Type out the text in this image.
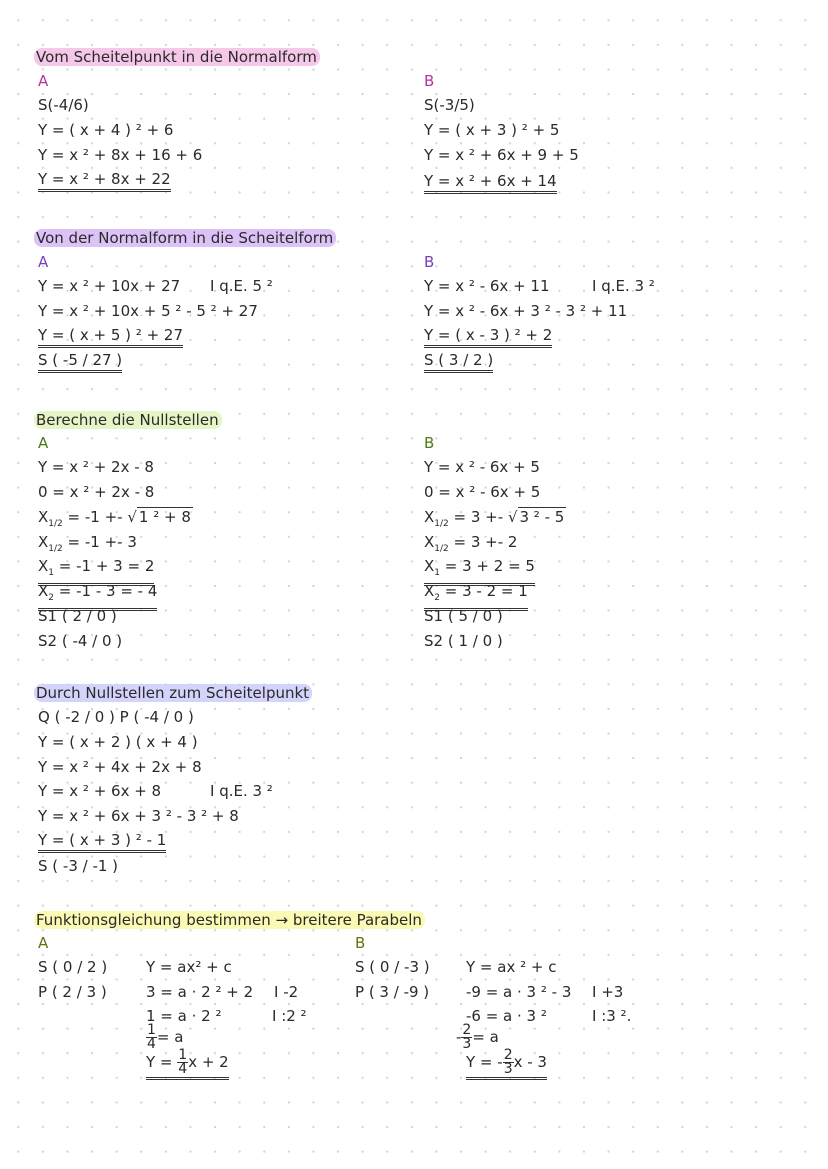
Vom Scheitelpunkt in die Normalform
A
S(-4/6)
Y = ( x + 4 ) ² + 6
Y = x ² + 8x + 16 + 6
Y = x ² + 8x + 22
B
S(-3/5)
Y = ( x + 3 ) ² + 5
Y = x ² + 6x + 9 + 5
Y = x ² + 6x + 14
Von der Normalform in die Scheitelform
A
Y = x ² + 10x + 27 I q.E. 5 ²
Y = x ² + 10x + 5 ² - 5 ² + 27
Y = ( x + 5 ) ² + 27
S ( -5 / 27 )
B
Y = x ² - 6x + 11	I q.E. 3 ²
Y = x ² - 6x + 3 ² - 3 ² + 11
Y = ( x - 3 ) ² + 2
S ( 3 / 2 )
Berechne die Nullstellen
A
Y = x ² + 2x - 8
0 = x ² + 2x - 8
$X_{1/2} = -1$ +- √ 1 ² + 8
$X_{1/2} = -1 +- 3$
$X_1 = -1 + 3 = 2$
$X_2 = -1 - 3$ = - 4
S1 ( 2 / 0 )
S2 ( -4 / 0 )
B
Y = x ² - 6x + 5
0 = x ² - 6x + 5
$X_{1/2} = 3$ +- √ 3 ² - 5
$X_{1/2} = 3 +- 2$
$X_1 = 3 + 2 = 5$
$X_2 = 3 - 2 = 1$
S1 ( 5 / 0 )
S2 ( 1 / 0 )
Durch Nullstellen zum Scheitelpunkt
Q ( -2 / 0 ) P ( -4 / 0 )
Y = ( x + 2 ) ( x + 4 )
Y = x ² + 4x + 2x + 8
Y = x ² + 6x + 8	I q.E. 3 ²
Y = x ² + 6x + 3 ² - 3 ² + 8
Y = ( x + 3 ) ² - 1
S ( -3 / -1 )
Funktionsgleichung bestimmen → breitere Parabeln
A
S ( 0 / 2 )
P ( 2 / 3 )
Y = ax² + c
3 = a · 2 ² + 2 I -2
1 = a · 2 ²	I :2 ²
$\frac{1}{4} = a$
$Y = \frac{1}{4}$ x + 2
B
S ( 0 / -3 )
P ( 3 / -9 )
Y = ax ² + c
-9 = a · 3 ² - 3 I +3
-6 = a · 3 ²	I :3 ².
- $\frac{2}{3} = a$
Y = - $\frac{2}{3}$ x - 3
